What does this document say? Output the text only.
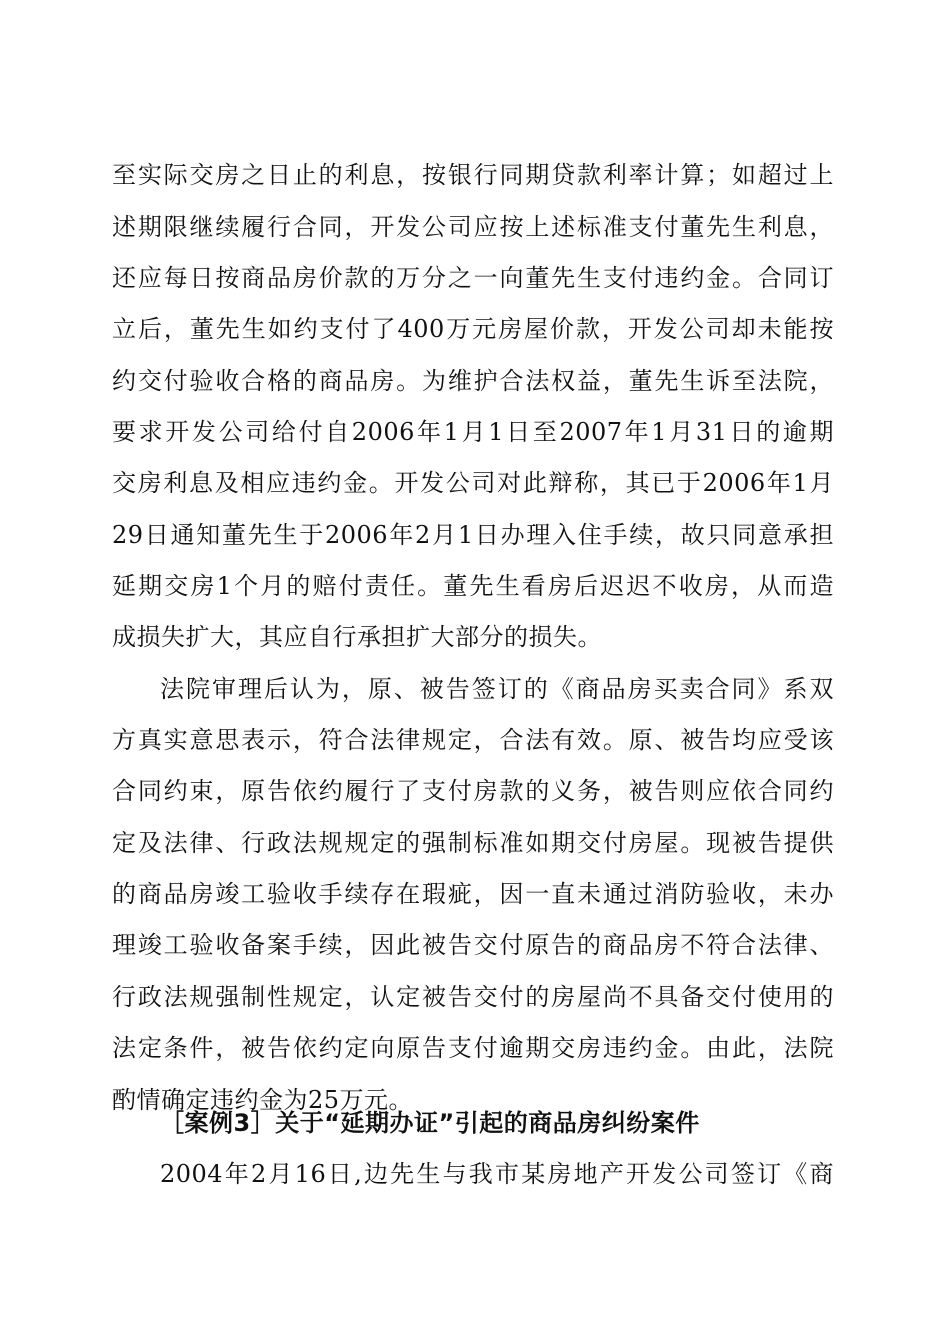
至实际交房之日止的利息，按银行同期贷款利率计算；如超过上
述期限继续履行合同，开发公司应按上述标准支付董先生利息，
还应每日按商品房价款的万分之一向董先生支付违约金。合同订
立后，董先生如约支付了400万元房屋价款，开发公司却未能按
约交付验收合格的商品房。为维护合法权益，董先生诉至法院，
要求开发公司给付自2006年1月1日至2007年1月31日的逾期
交房利息及相应违约金。开发公司对此辩称，其已于2006年1月
29日通知董先生于2006年2月1日办理入住手续，故只同意承担
延期交房1个月的赔付责任。董先生看房后迟迟不收房，从而造
成损失扩大，其应自行承担扩大部分的损失。
法院审理后认为，原、被告签订的《商品房买卖合同》系双
方真实意思表示，符合法律规定，合法有效。原、被告均应受该
合同约束，原告依约履行了支付房款的义务，被告则应依合同约
定及法律、行政法规规定的强制标准如期交付房屋。现被告提供
的商品房竣工验收手续存在瑕疵，因一直未通过消防验收，未办
理竣工验收备案手续，因此被告交付原告的商品房不符合法律、
行政法规强制性规定，认定被告交付的房屋尚不具备交付使用的
法定条件，被告依约定向原告支付逾期交房违约金。由此，法院
酌情确定违约金为25万元。
［案例3］关于“延期办证”引起的商品房纠纷案件
2004年2月16日,边先生与我市某房地产开发公司签订《商
